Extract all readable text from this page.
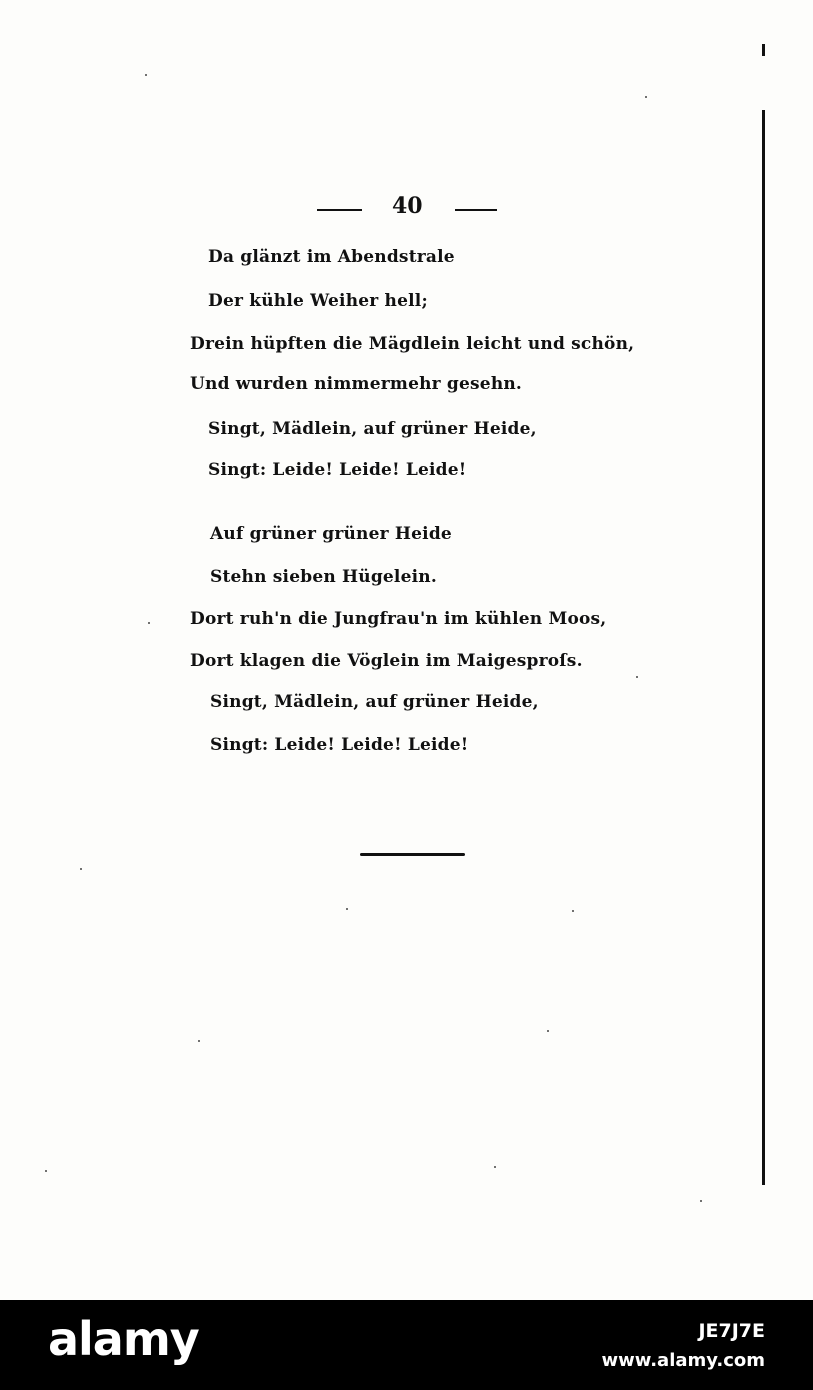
40
Da glänzt im Abendstrale
Der kühle Weiher hell;
Drein hüpften die Mägdlein leicht und schön,
Und wurden nimmermehr gesehn.
Singt, Mädlein, auf grüner Heide,
Singt: Leide! Leide! Leide!
Auf grüner grüner Heide
Stehn sieben Hügelein.
Dort ruh'n die Jungfrau'n im kühlen Moos,
Dort klagen die Vöglein im Maigesproſs.
Singt, Mädlein, auf grüner Heide,
Singt: Leide! Leide! Leide!
alamy	JE7J7E
www.alamy.com
